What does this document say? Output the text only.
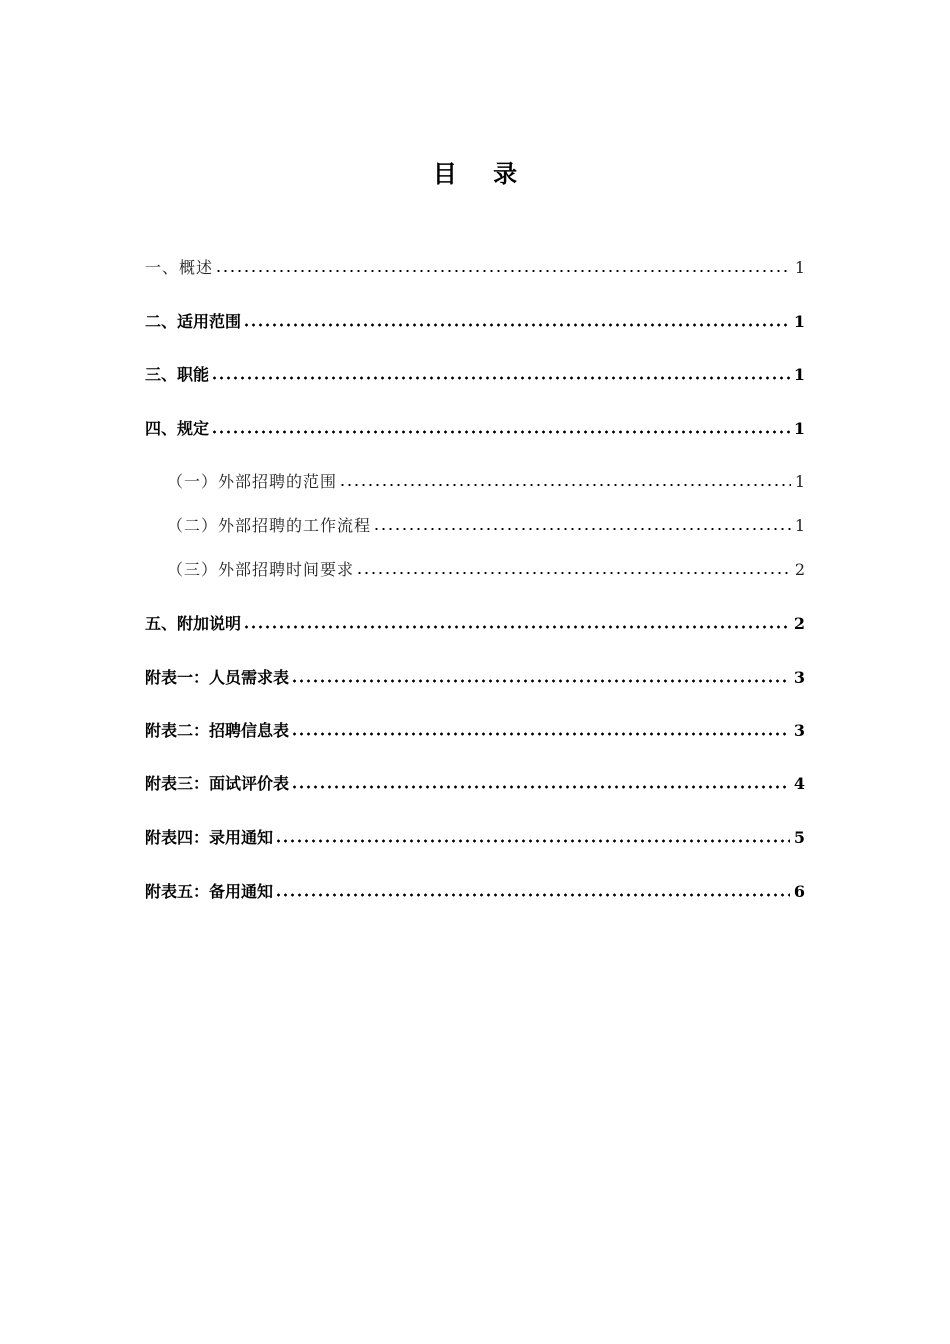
目 录
一、概述	1
二、适用范围	1
三、职能	1
四、规定	1
（一）外部招聘的范围	1
（二）外部招聘的工作流程	1
（三）外部招聘时间要求	2
五、附加说明	2
附表一：人员需求表	3
附表二：招聘信息表	3
附表三：面试评价表	4
附表四：录用通知	5
附表五：备用通知	6
